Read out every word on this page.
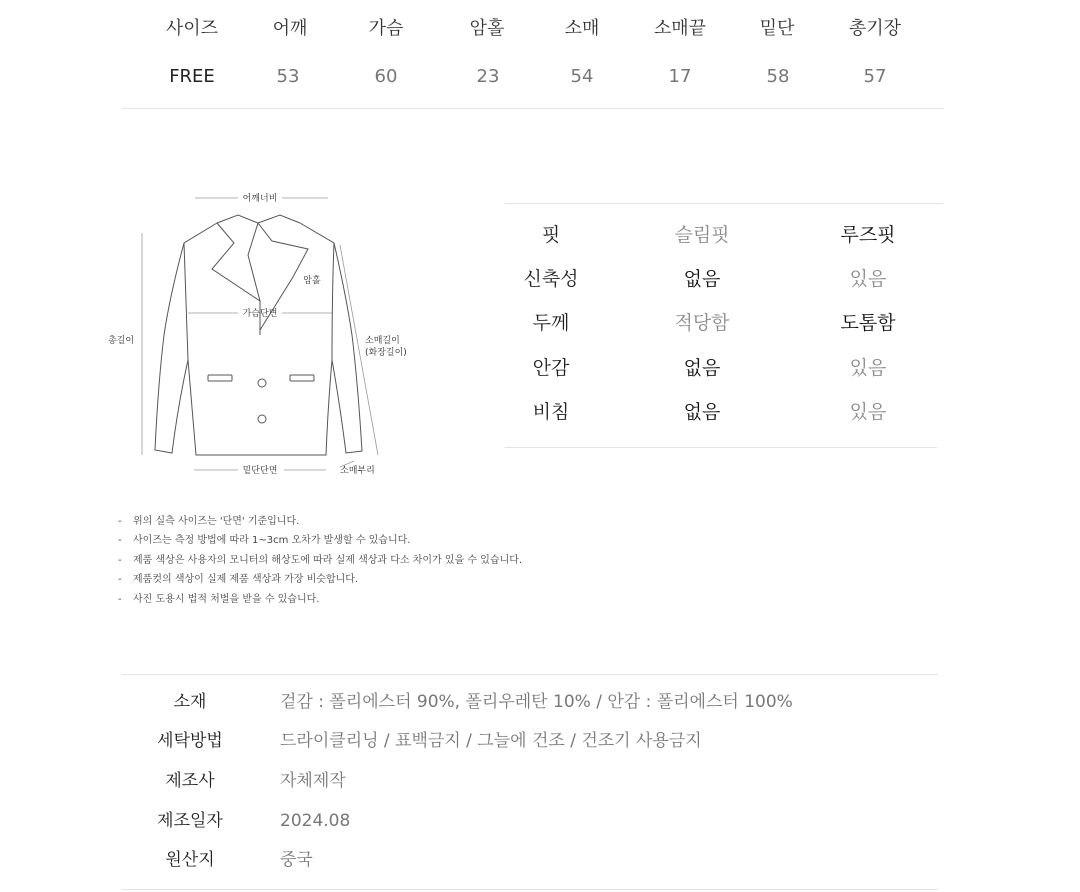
사이즈	어깨	가슴	암홀	소매	소매끝	밑단	총기장
FREE	53	60	23	54	17	58	57
어깨너비
암홀
가슴단면
총길이	소매길이
(화장길이)
밑단단면	소매부리
핏	슬림핏	루즈핏
신축성	없음	있음
두께	적당함	도톰함
안감	없음	있음
비침	없음	있음
- 위의 실측 사이즈는 '단면' 기준입니다.
- 사이즈는 측정 방법에 따라 1~3cm 오차가 발생할 수 있습니다.
- 제품 색상은 사용자의 모니터의 해상도에 따라 실제 색상과 다소 차이가 있을 수 있습니다.
- 제품컷의 색상이 실제 제품 색상과 가장 비슷합니다.
- 사진 도용시 법적 처벌을 받을 수 있습니다.
소재	겉감 : 폴리에스터 90%, 폴리우레탄 10% / 안감 : 폴리에스터 100%
세탁방법	드라이클리닝 / 표백금지 / 그늘에 건조 / 건조기 사용금지
제조사	자체제작
제조일자	2024.08
원산지	중국
